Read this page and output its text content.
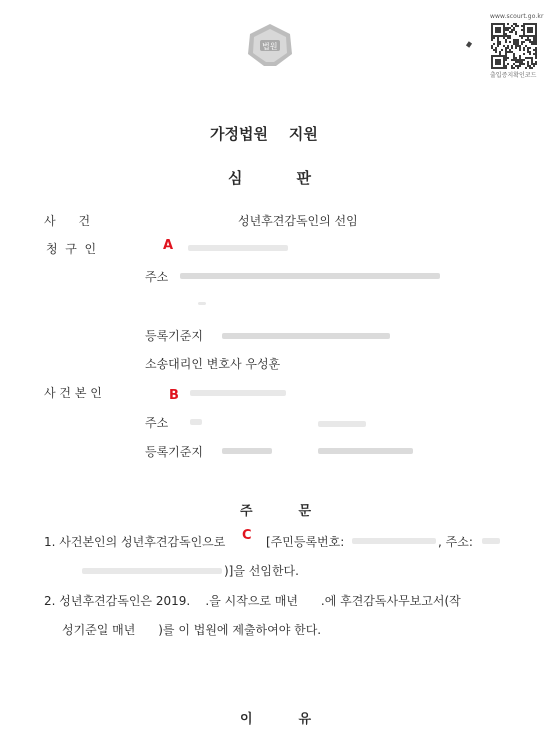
법원
www.scourt.go.kr
출입증지확인코드
가정법원    지원
심판
사      건	성년후견감독인의 선임
청  구  인	A
주소
등록기준지
소송대리인 변호사 우성훈
사 건 본 인	B
주소
등록기준지
주문
1. 사건본인의 성년후견감독인으로 C [주민등록번호:	, 주소:
)]을 선임한다.
2. 성년후견감독인은 2019.    .을 시작으로 매년      .에 후견감독사무보고서(작
성기준일 매년      )를 이 법원에 제출하여야 한다.
이유
